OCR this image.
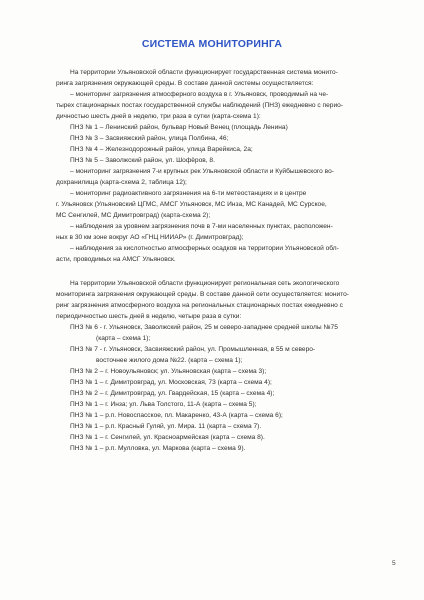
СИСТЕМА МОНИТОРИНГА
На территории Ульяновской области функционирует государственная система монито-
ринга загрязнения окружающей среды. В составе данной системы осуществляется:
– мониторинг загрязнения атмосферного воздуха в г. Ульяновск, проводимый на че-
тырех стационарных постах государственной службы наблюдений (ПНЗ) ежедневно с перио-
дичностью шесть дней в неделю, три раза в сутки (карта-схема 1):
ПНЗ № 1 – Ленинский район, бульвар Новый Венец (площадь Ленина)
ПНЗ № 3 – Засвияжский район, улица Полбина, 46;
ПНЗ № 4 – Железнодорожный район, улица Варейкиса, 2а;
ПНЗ № 5 – Заволжский район, ул. Шофёров, 8.
– мониторинг загрязнения 7-и крупных рек Ульяновской области и Куйбышевского во-
дохранилища (карта-схема 2, таблица 12);
– мониторинг радиоактивного загрязнения на 6-ти метеостанциях и в центре
г. Ульяновск (Ульяновский ЦГМС, АМСГ Ульяновск, МС Инза, МС Канадей, МС Сурское,
МС Сенгилей, МС Димитровград) (карта-схема 2);
– наблюдения за уровнем загрязнения почв в 7-ми населенных пунктах, расположен-
ных в 30 км зоне вокруг АО «ГНЦ НИИАР» (г. Димитровград);
– наблюдения за кислотностью атмосферных осадков на территории Ульяновской обл-
асти, проводимых на АМСГ Ульяновск.
На территории Ульяновской области функционирует региональная сеть экологического
мониторинга загрязнения окружающей среды. В составе данной сети осуществляется: монито-
ринг загрязнения атмосферного воздуха на региональных стационарных постах ежедневно с
периодичностью шесть дней в неделю, четыре раза в сутки:
ПНЗ № 6 - г. Ульяновск, Заволжский район, 25 м северо-западнее средней школы №75
(карта – схема 1);
ПНЗ № 7 - г. Ульяновск, Засвияжский район, ул. Промышленная, в 55 м северо-
восточнее жилого дома №22. (карта – схема 1);
ПНЗ № 2 – г. Новоульяновск; ул. Ульяновская (карта – схема 3);
ПНЗ № 1 – г. Димитровград, ул. Московская, 73 (карта – схема 4);
ПНЗ № 2 – г. Димитровград, ул. Гвардейская, 15 (карта – схема 4);
ПНЗ № 1 – г. Инза; ул. Льва Толстого, 11-А (карта – схема 5);
ПНЗ № 1 – р.п. Новоспасское, пл. Макаренко, 43-А (карта – схема 6);
ПНЗ № 1 – р.п. Красный Гуляй, ул. Мира. 11 (карта – схема 7).
ПНЗ № 1 – г. Сенгилей, ул. Красноармейская (карта – схема 8).
ПНЗ № 1 – р.п. Мулловка, ул. Маркова (карта – схема 9).
5
